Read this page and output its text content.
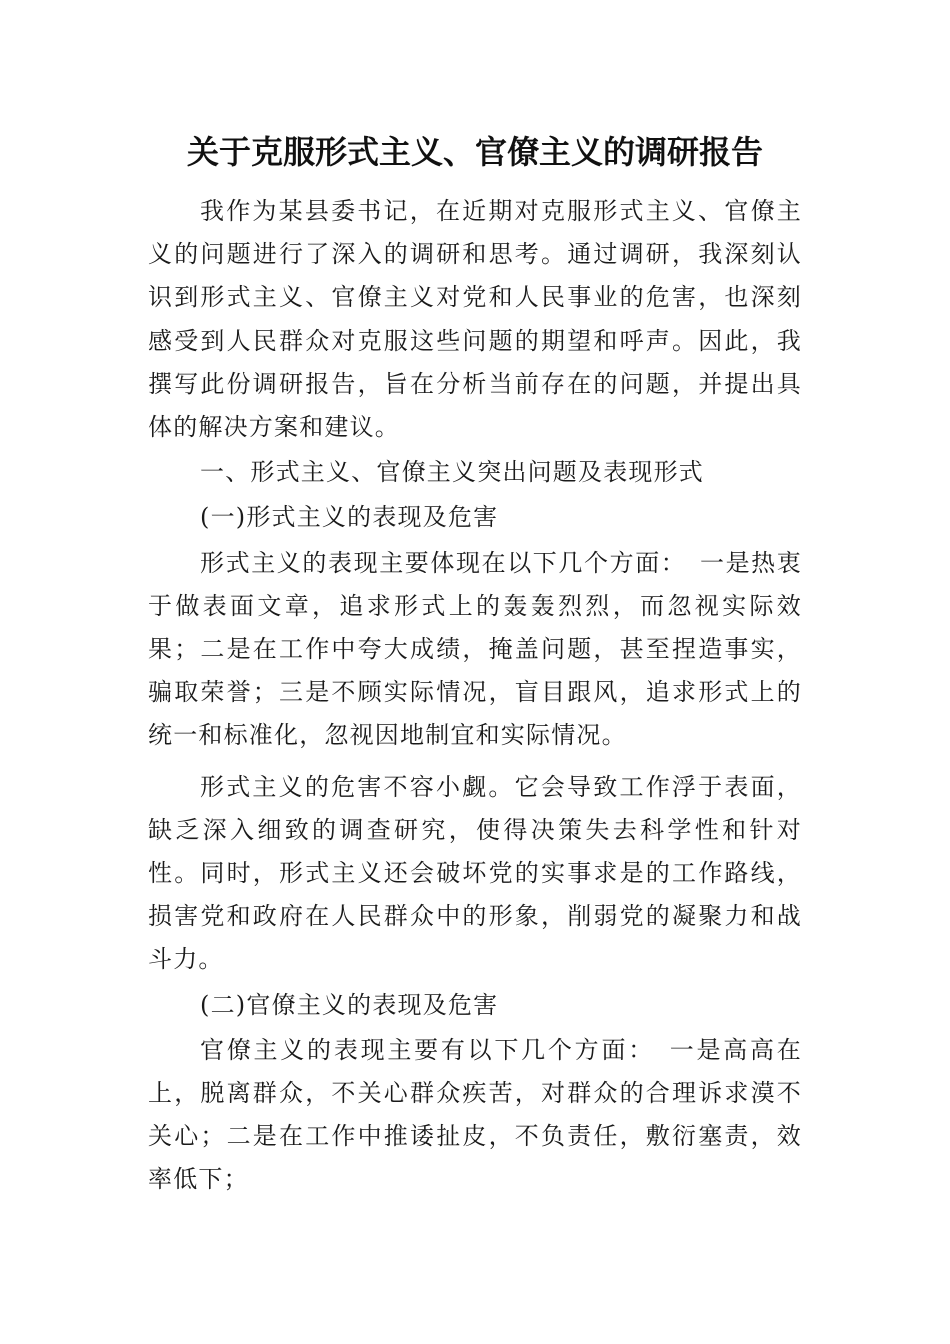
关于克服形式主义、官僚主义的调研报告

我作为某县委书记，在近期对克服形式主义、官僚主义的问题进行了深入的调研和思考。通过调研，我深刻认识到形式主义、官僚主义对党和人民事业的危害，也深刻感受到人民群众对克服这些问题的期望和呼声。因此，我撰写此份调研报告，旨在分析当前存在的问题，并提出具体的解决方案和建议。

一、形式主义、官僚主义突出问题及表现形式

(一)形式主义的表现及危害

形式主义的表现主要体现在以下几个方面：　一是热衷于做表面文章，追求形式上的轰轰烈烈，而忽视实际效果；二是在工作中夸大成绩，掩盖问题，甚至捏造事实，骗取荣誉；三是不顾实际情况，盲目跟风，追求形式上的统一和标准化，忽视因地制宜和实际情况。

形式主义的危害不容小觑。它会导致工作浮于表面，缺乏深入细致的调查研究，使得决策失去科学性和针对性。同时，形式主义还会破坏党的实事求是的工作路线，损害党和政府在人民群众中的形象，削弱党的凝聚力和战斗力。

(二)官僚主义的表现及危害

官僚主义的表现主要有以下几个方面：　一是高高在上，脱离群众，不关心群众疾苦，对群众的合理诉求漠不关心；二是在工作中推诿扯皮，不负责任，敷衍塞责，效率低下；
